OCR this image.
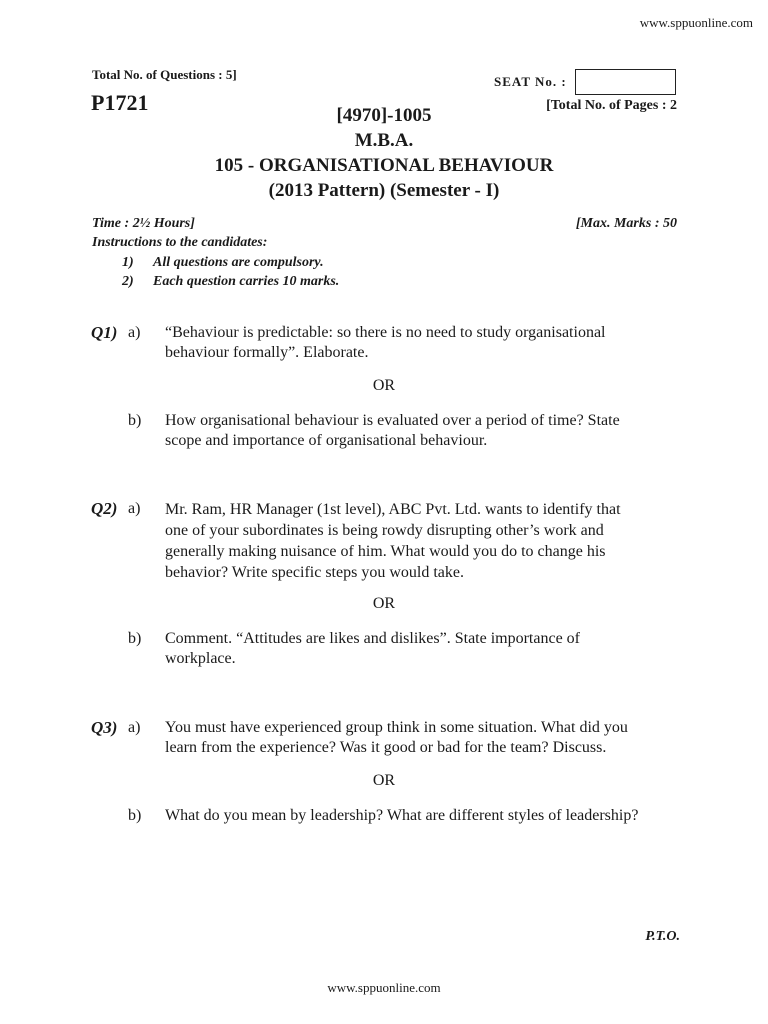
www.sppuonline.com
Total No. of Questions : 5]
P1721
SEAT No. :
[Total No. of Pages : 2
[4970]-1005
M.B.A.
105 - ORGANISATIONAL BEHAVIOUR
(2013 Pattern) (Semester - I)
Time : 2½ Hours]	[Max. Marks : 50
Instructions to the candidates:
1) All questions are compulsory.
2) Each question carries 10 marks.
Q1) a) “Behaviour is predictable: so there is no need to study organisational
behaviour formally”. Elaborate.
OR
b) How organisational behaviour is evaluated over a period of time? State
scope and importance of organisational behaviour.
Q2) a) Mr. Ram, HR Manager (1st level), ABC Pvt. Ltd. wants to identify that
one of your subordinates is being rowdy disrupting other’s work and
generally making nuisance of him. What would you do to change his
behavior? Write specific steps you would take.
OR
b) Comment. “Attitudes are likes and dislikes”. State importance of
workplace.
Q3) a) You must have experienced group think in some situation. What did you
learn from the experience? Was it good or bad for the team? Discuss.
OR
b) What do you mean by leadership? What are different styles of leadership?
P.T.O.
www.sppuonline.com
